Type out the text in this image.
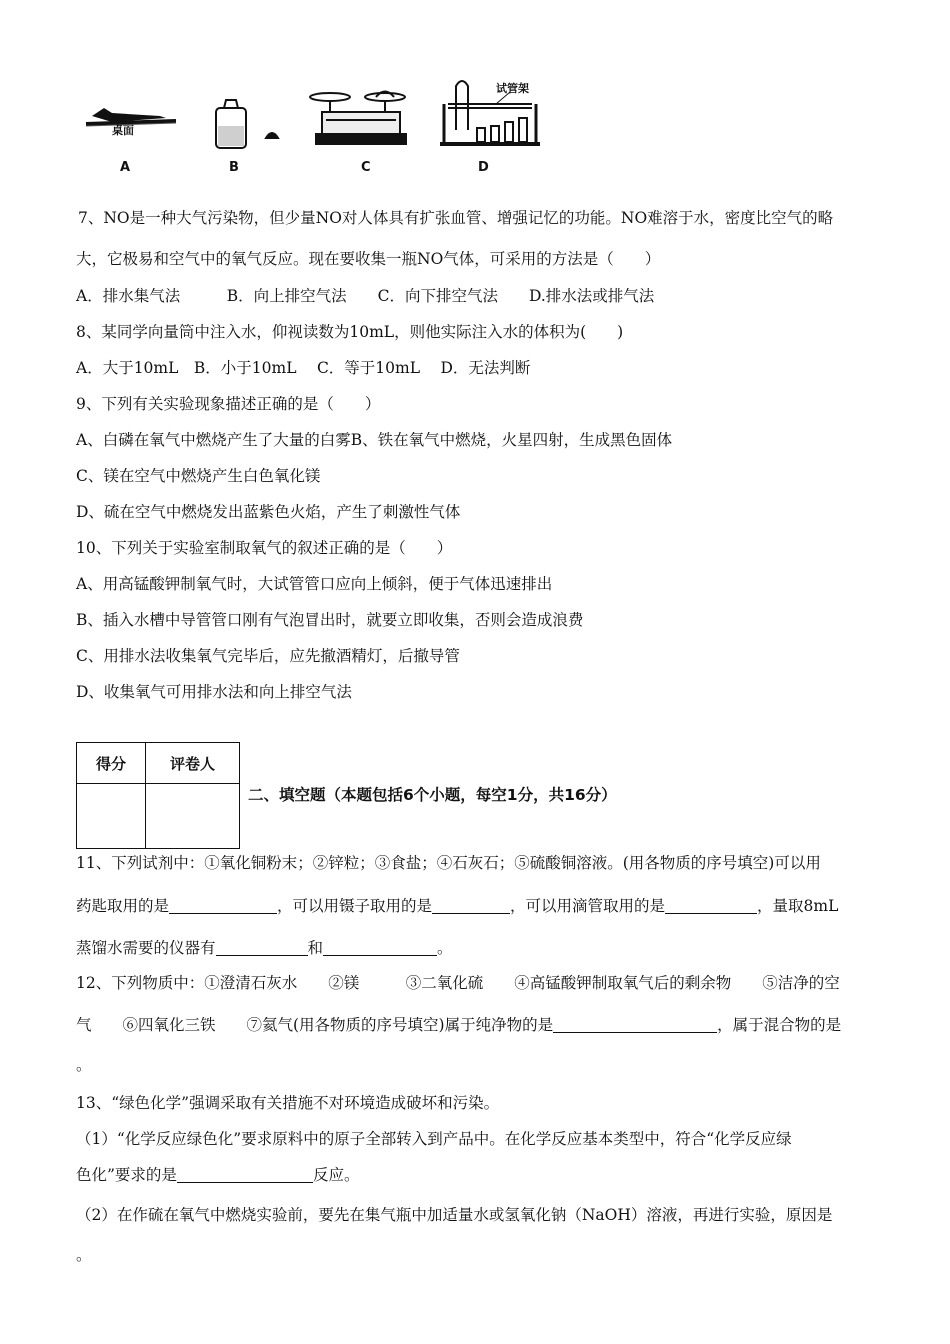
桌面
试管架
A	B	C	D
7、NO是一种大气污染物，但少量NO对人体具有扩张血管、增强记忆的功能。NO难溶于水，密度比空气的略
大，它极易和空气中的氧气反应。现在要收集一瓶NO气体，可采用的方法是（　　）
A．排水集气法　　　B．向上排空气法　　C．向下排空气法　　D.排水法或排气法
8、某同学向量筒中注入水，仰视读数为10mL，则他实际注入水的体积为(　　)
A．大于10mL　B．小于10mL　 C．等于10mL　 D．无法判断
9、下列有关实验现象描述正确的是（　　）
A、白磷在氧气中燃烧产生了大量的白雾B、铁在氧气中燃烧，火星四射，生成黑色固体
C、镁在空气中燃烧产生白色氧化镁
D、硫在空气中燃烧发出蓝紫色火焰，产生了刺激性气体
10、下列关于实验室制取氧气的叙述正确的是（　　）
A、用高锰酸钾制氧气时，大试管管口应向上倾斜，便于气体迅速排出
B、插入水槽中导管管口刚有气泡冒出时，就要立即收集，否则会造成浪费
C、用排水法收集氧气完毕后，应先撤酒精灯，后撤导管
D、收集氧气可用排水法和向上排空气法
得分	评卷人

二、填空题（本题包括6个小题，每空1分，共16分）
11、下列试剂中：①氧化铜粉末；②锌粒；③食盐；④石灰石；⑤硫酸铜溶液。(用各物质的序号填空)可以用
药匙取用的是	，可以用镊子取用的是	，可以用滴管取用的是	，量取8mL
蒸馏水需要的仪器有	和	。
12、下列物质中：①澄清石灰水　　②镁　　　③二氧化硫　　④高锰酸钾制取氧气后的剩余物　　⑤洁净的空
气　　⑥四氧化三铁　　⑦氦气(用各物质的序号填空)属于纯净物的是	，属于混合物的是
。
13、“绿色化学”强调采取有关措施不对环境造成破坏和污染。
（1）“化学反应绿色化”要求原料中的原子全部转入到产品中。在化学反应基本类型中，符合“化学反应绿
色化”要求的是	反应。
（2）在作硫在氧气中燃烧实验前，要先在集气瓶中加适量水或氢氧化钠（NaOH）溶液，再进行实验，原因是
。
